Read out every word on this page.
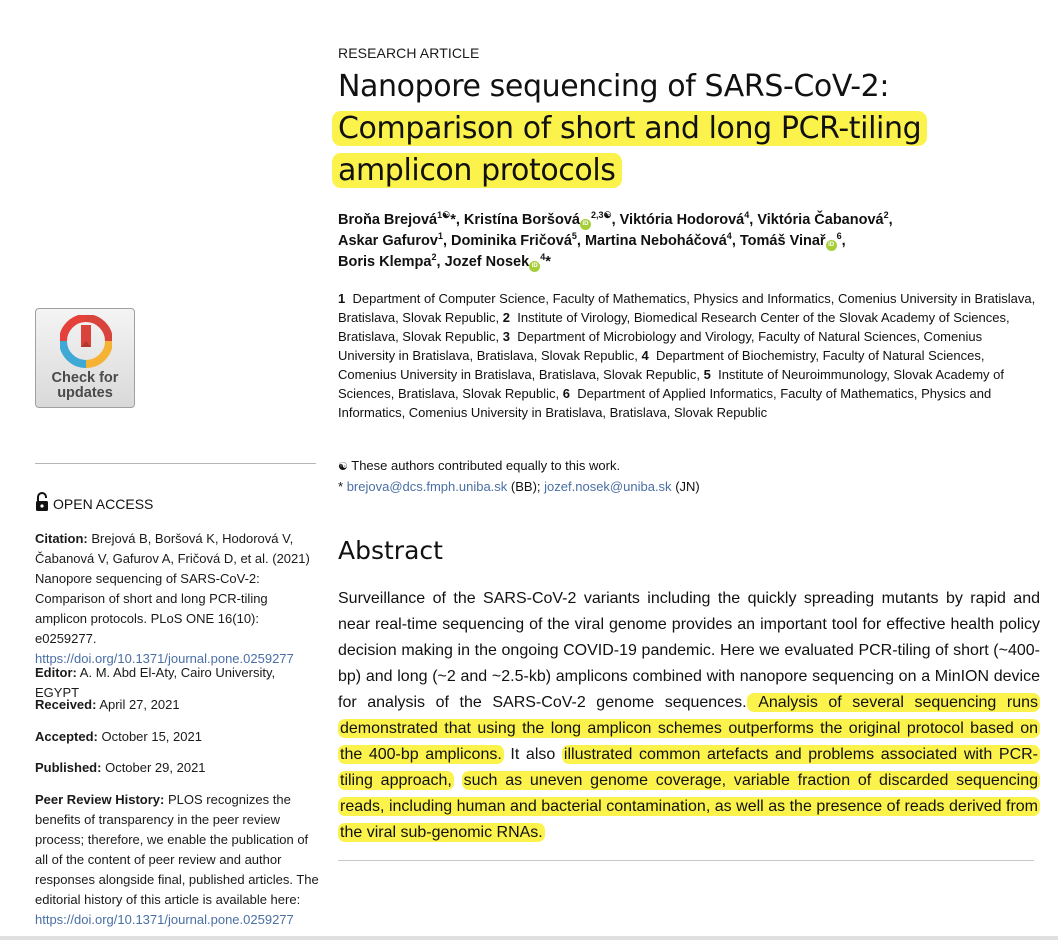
RESEARCH ARTICLE
Nanopore sequencing of SARS-CoV-2:
Comparison of short and long PCR-tiling
amplicon protocols
Broňa Brejová$^{1☯}$*, Kristína Boršová $iD^{2,3☯}$, Viktória Hodorová$^4$, Viktória Čabanová$^2$,
Askar Gafurov$^1$, Dominika Fričová$^5$, Martina Neboháčová$^4$, Tomáš Vinař $iD^6$,
Boris Klempa$^2$, Jozef Nosek $iD^4*$
1 Department of Computer Science, Faculty of Mathematics, Physics and Informatics, Comenius University in Bratislava, Bratislava, Slovak Republic, 2 Institute of Virology, Biomedical Research Center of the Slovak Academy of Sciences, Bratislava, Slovak Republic, 3 Department of Microbiology and Virology, Faculty of Natural Sciences, Comenius University in Bratislava, Bratislava, Slovak Republic, 4 Department of Biochemistry, Faculty of Natural Sciences, Comenius University in Bratislava, Bratislava, Slovak Republic, 5 Institute of Neuroimmunology, Slovak Academy of Sciences, Bratislava, Slovak Republic, 6 Department of Applied Informatics, Faculty of Mathematics, Physics and Informatics, Comenius University in Bratislava, Bratislava, Slovak Republic
☯ These authors contributed equally to this work.
* brejova@dcs.fmph.uniba.sk (BB); jozef.nosek@uniba.sk (JN)
Abstract
Surveillance of the SARS-CoV-2 variants including the quickly spreading mutants by rapid and near real-time sequencing of the viral genome provides an important tool for effective health policy decision making in the ongoing COVID-19 pandemic. Here we evaluated PCR-tiling of short (~400-bp) and long (~2 and ~2.5-kb) amplicons combined with nanopore sequencing on a MinION device for analysis of the SARS-CoV-2 genome sequences. Analysis of several sequencing runs demonstrated that using the long amplicon schemes outperforms the original protocol based on the 400-bp amplicons. It also illustrated common artefacts and problems associated with PCR-tiling approach, such as uneven genome coverage, variable fraction of discarded sequencing reads, including human and bacterial contamination, as well as the presence of reads derived from the viral sub-genomic RNAs.
Check for
updates
OPEN ACCESS
Citation: Brejová B, Boršová K, Hodorová V, Čabanová V, Gafurov A, Fričová D, et al. (2021) Nanopore sequencing of SARS-CoV-2: Comparison of short and long PCR-tiling amplicon protocols. PLoS ONE 16(10): e0259277. https://doi.org/10.1371/journal.pone.0259277
Editor: A. M. Abd El-Aty, Cairo University, EGYPT
Received: April 27, 2021
Accepted: October 15, 2021
Published: October 29, 2021
Peer Review History: PLOS recognizes the benefits of transparency in the peer review process; therefore, we enable the publication of all of the content of peer review and author responses alongside final, published articles. The editorial history of this article is available here: https://doi.org/10.1371/journal.pone.0259277
